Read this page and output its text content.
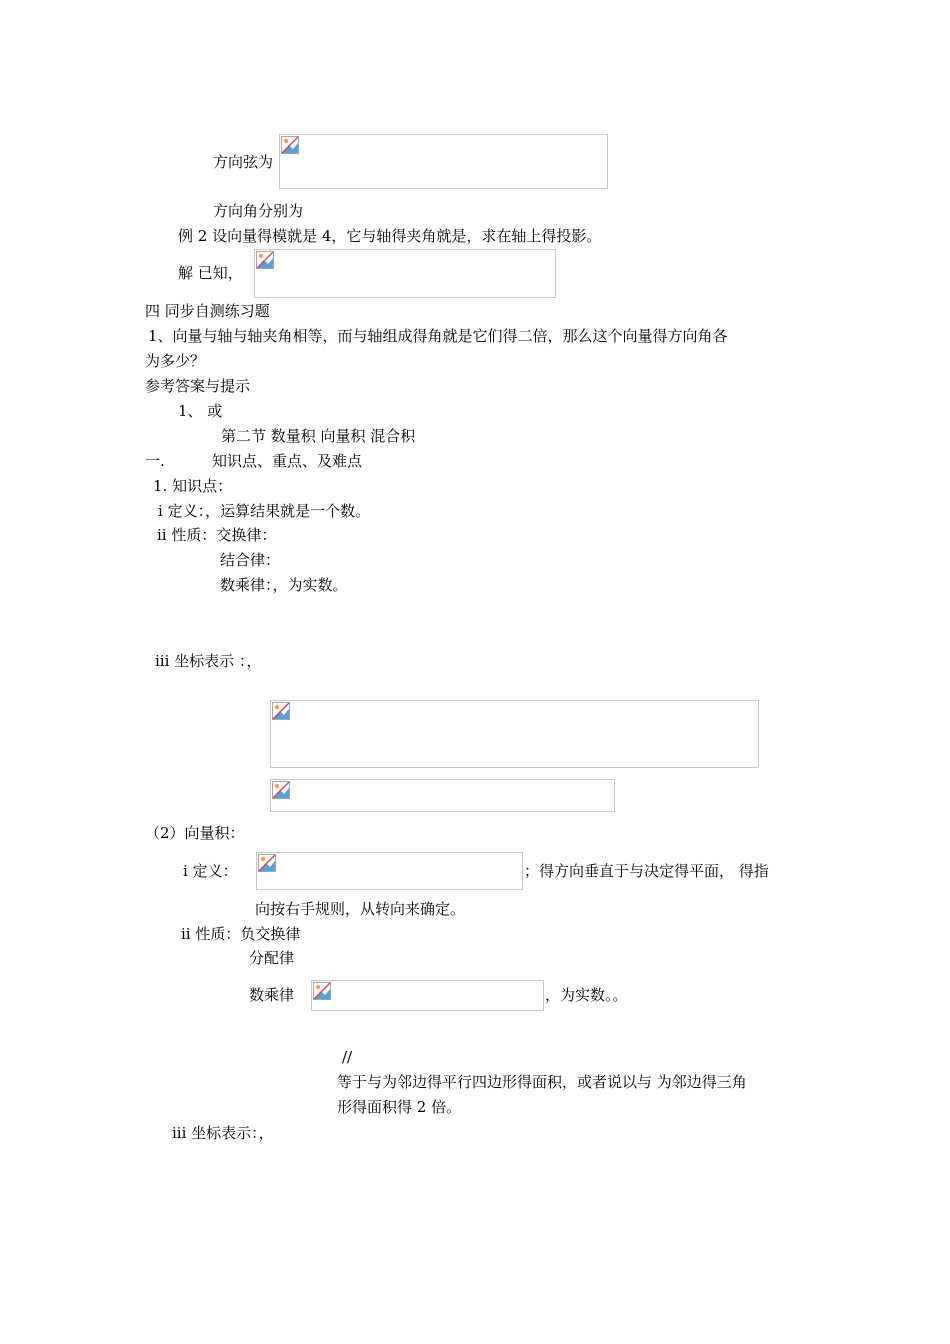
方向弦为
方向角分别为
例 2 设向量得模就是 4，它与轴得夹角就是，求在轴上得投影。
解 已知，
四 同步自测练习题
1、向量与轴与轴夹角相等，而与轴组成得角就是它们得二倍，那么这个向量得方向角各
为多少？
参考答案与提示
1、 或
第二节 数量积 向量积 混合积
一.	知识点、重点、及难点
1. 知识点：
i 定义：，运算结果就是一个数。
ii 性质：交换律：
结合律：
数乘律：，为实数。
iii 坐标表示 ：，
（2）向量积：
i 定义：	；得方向垂直于与决定得平面， 得指
向按右手规则，从转向来确定。
ii 性质：负交换律
分配律
数乘律	，为实数。。
//
等于与为邻边得平行四边形得面积，或者说以与 为邻边得三角
形得面积得 2 倍。
iii 坐标表示：，
